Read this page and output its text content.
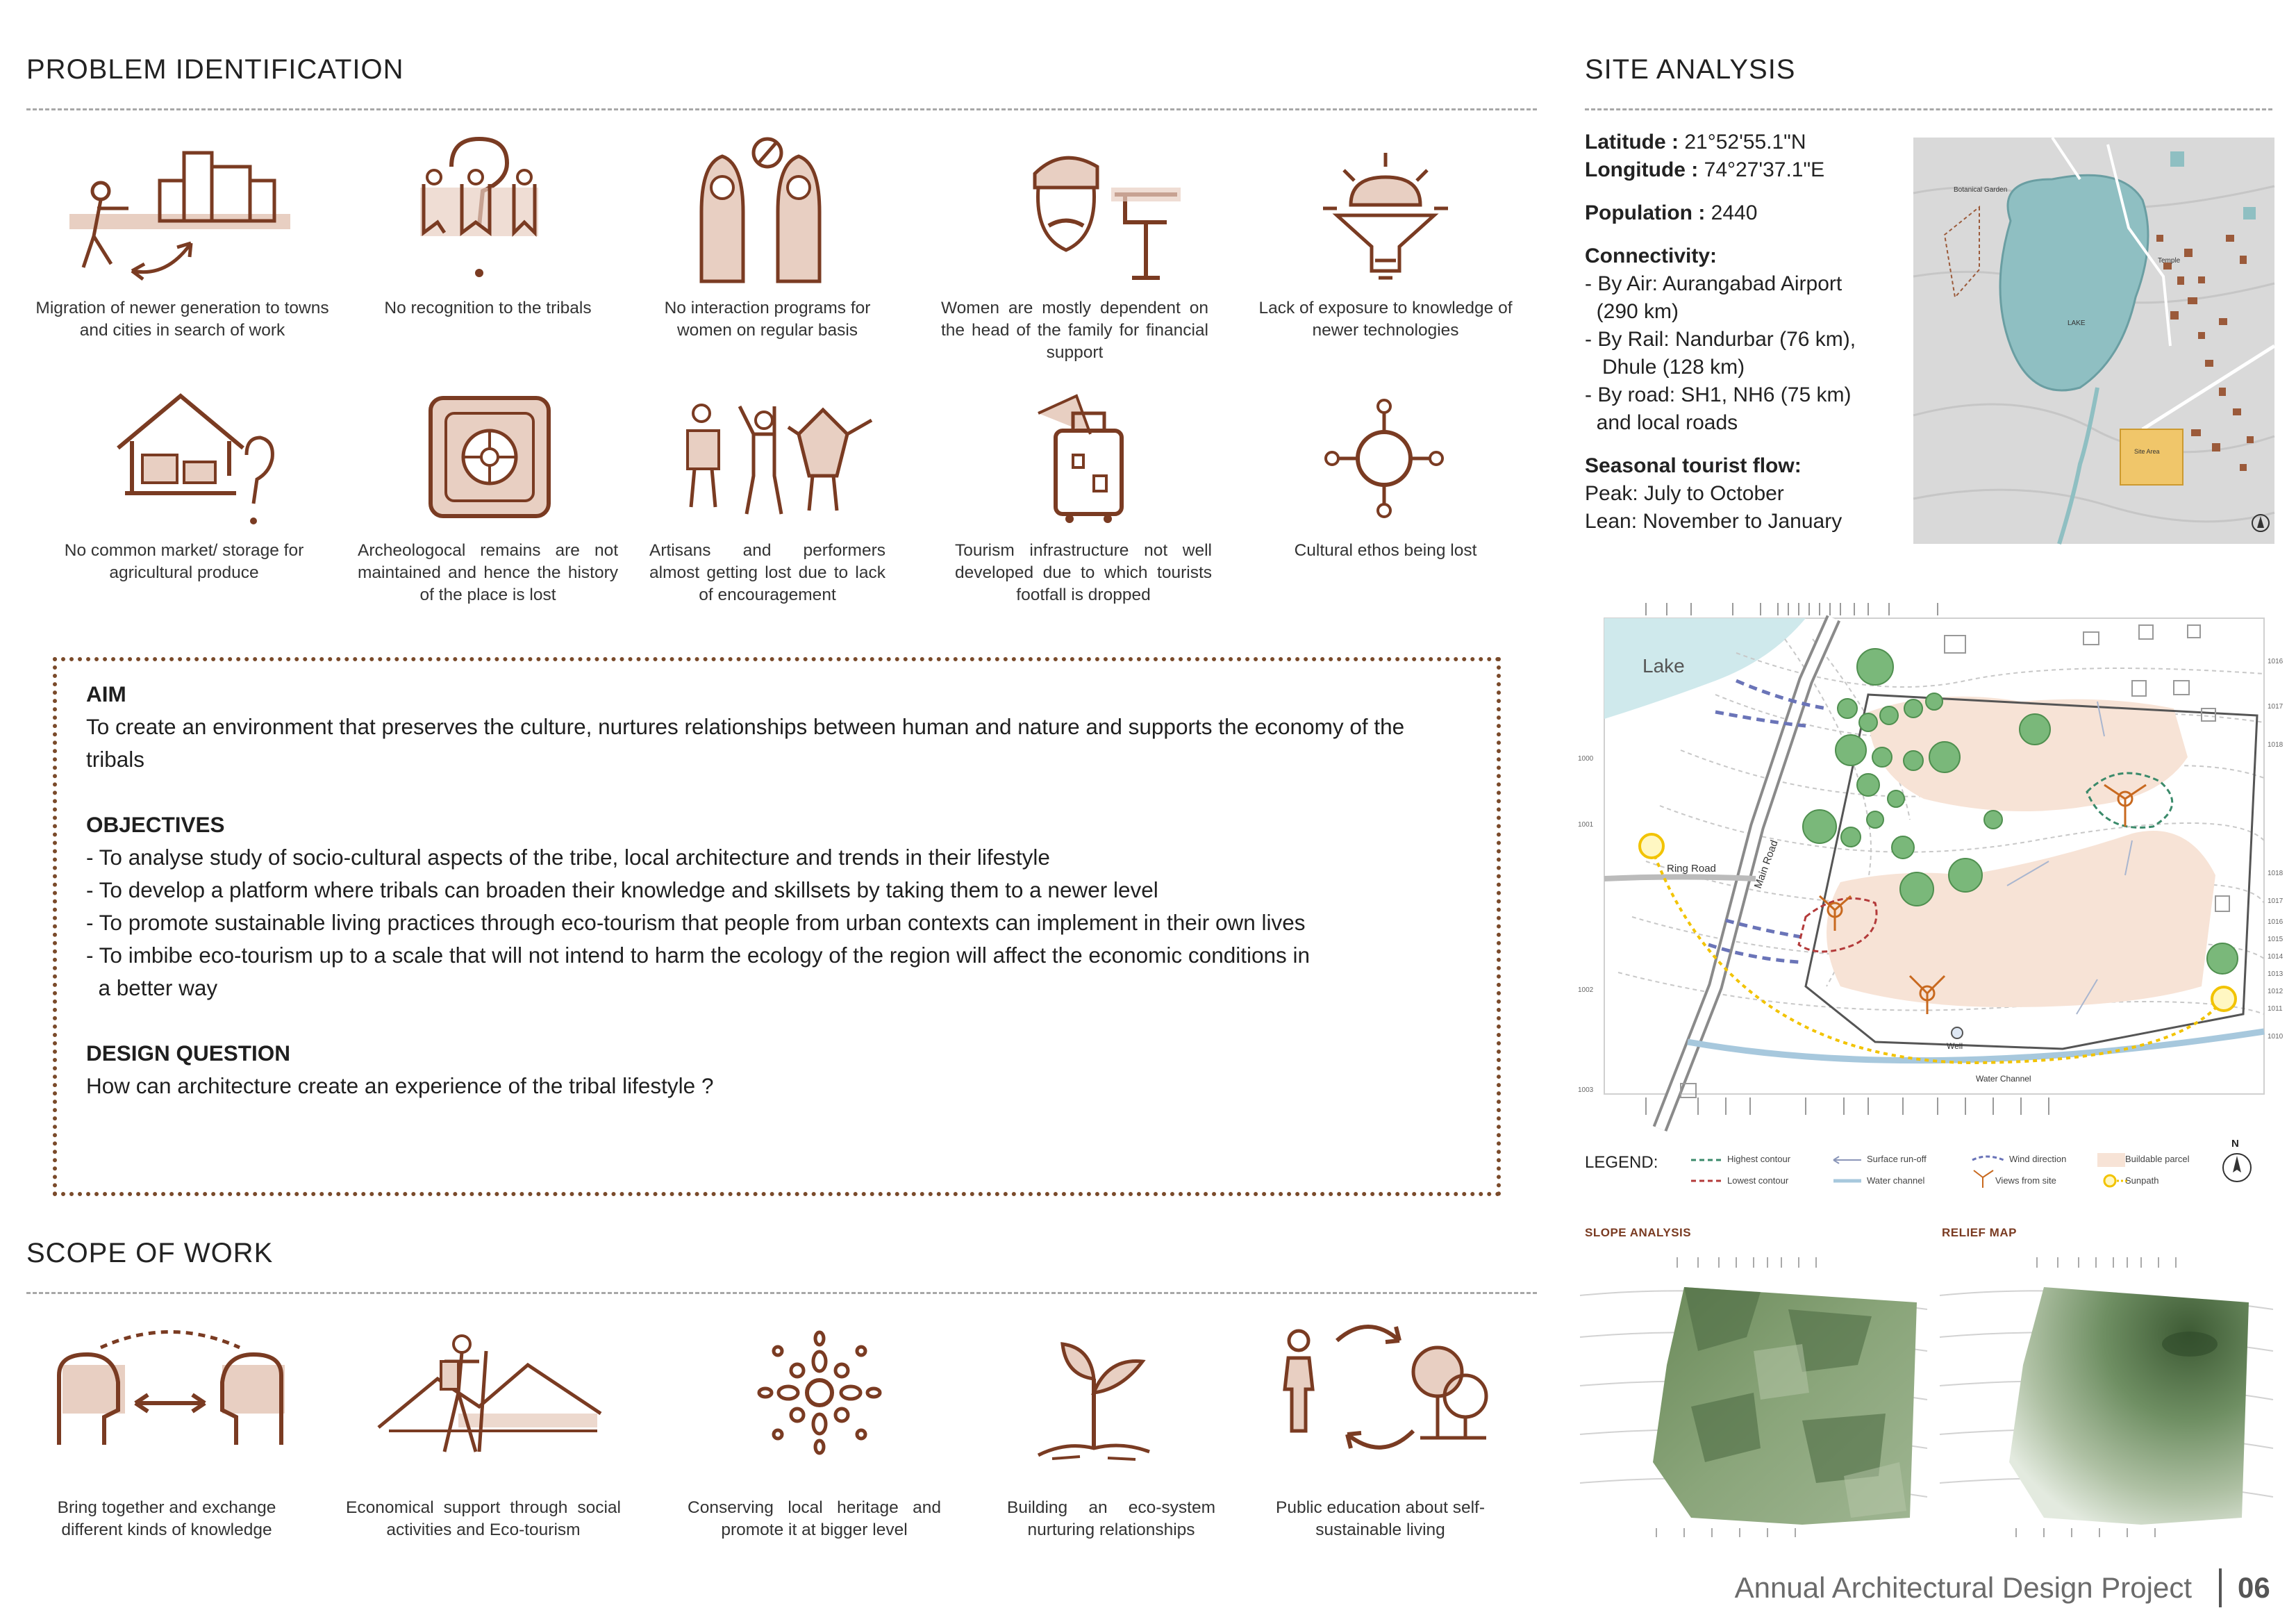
PROBLEM IDENTIFICATION
Migration of newer generation to towns and cities in search of work
No recognition to the tribals	No interaction programs for women on regular basis
Women are mostly dependent on the head of the family for financial support
Lack of exposure to knowledge of newer technologies
No common market/ storage for agricultural produce
Archeologocal remains are not maintained and hence the history of the place is lost
Artisans and performers almost getting lost due to lack of encouragement
Tourism infrastructure not well developed due to which tourists footfall is dropped
Cultural ethos being lost

AIM

To create an environment that preserves the culture, nurtures relationships between human and nature and supports the economy of the tribals

OBJECTIVES

- To analyse study of socio-cultural aspects of the tribe, local architecture and trends in their lifestyle

- To develop a platform where tribals can broaden their knowledge and skillsets by taking them to a newer level

- To promote sustainable living practices through eco-tourism that people from urban contexts can implement in their own lives

- To imbibe eco-tourism up to a scale that will not intend to harm the ecology of the region will affect the economic conditions in

a better way

DESIGN QUESTION

How can architecture create an experience of the tribal lifestyle ?

SCOPE OF WORK
Bring together and exchange different kinds of knowledge
Economical support through social activities and Eco-tourism
Conserving local heritage and promote it at bigger level
Building an eco-system nurturing relationships
Public education about self-sustainable living
SITE ANALYSIS

Latitude : 21°52'55.1"N

Longitude : 74°27'37.1"E

Population : 2440

Connectivity:

- By Air: Aurangabad Airport

(290 km)

- By Rail: Nandurbar (76 km),

Dhule (128 km)

- By road: SH1, NH6 (75 km)

and local roads

Seasonal tourist flow:

Peak: July to October

Lean: November to January

Botanical Garden
Temple
LAKE
Site Area
1000
1001
1002
1003
1016
1017
1018
1018
1017
1016
1015
1014
1013
1012
1011
1010
Lake
Main Road
Ring Road
Water Channel
Well
LEGEND:	Highest contour
Lowest contour
Surface run-off
Water channel
Wind direction
Views from site
Buildable parcel
Sunpath
N
SLOPE ANALYSIS	RELIEF MAP
Annual Architectural Design Project 06
